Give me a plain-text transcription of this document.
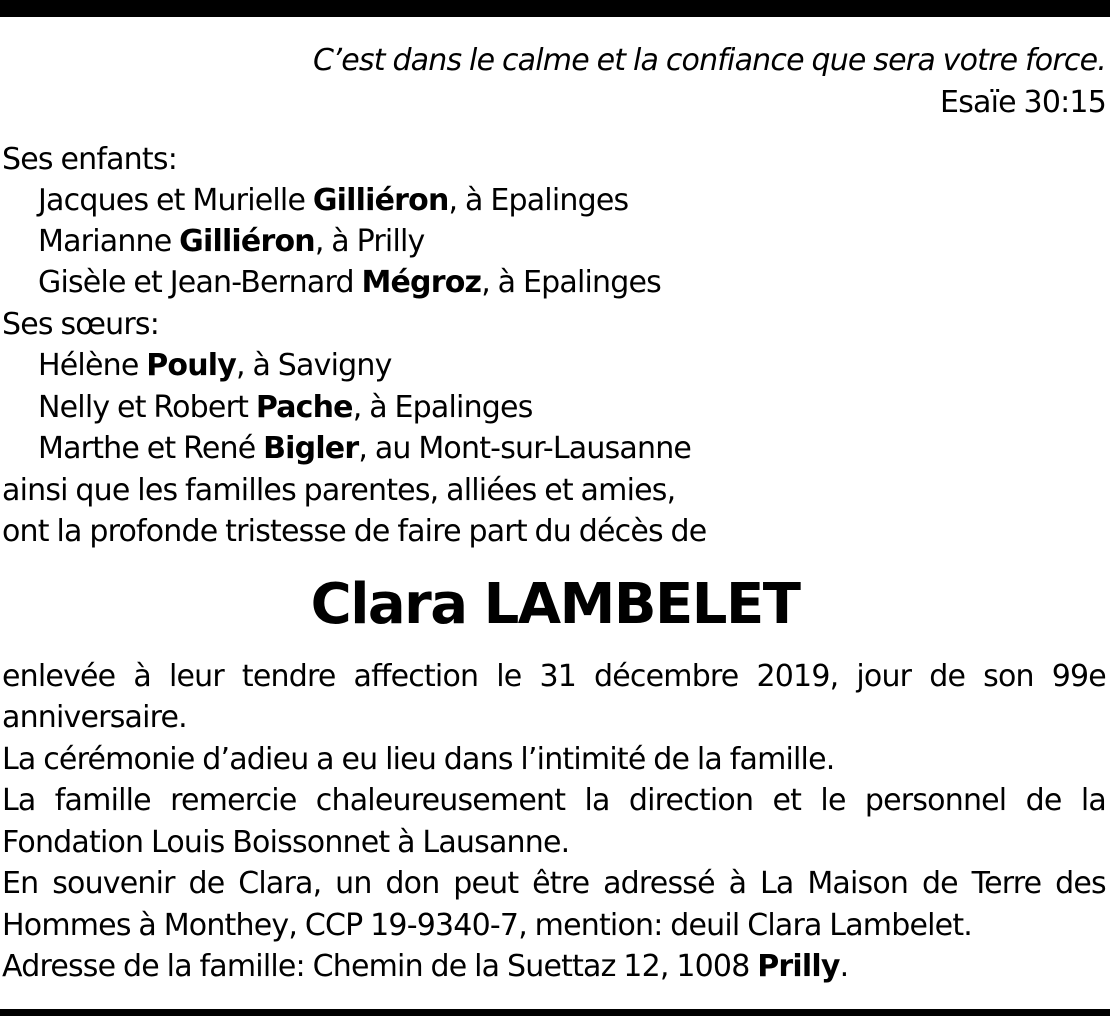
C’est dans le calme et la confiance que sera votre force.
Esaïe 30:15
Ses enfants:
Jacques et Murielle Gilliéron, à Epalinges
Marianne Gilliéron, à Prilly
Gisèle et Jean-Bernard Mégroz, à Epalinges
Ses sœurs:
Hélène Pouly, à Savigny
Nelly et Robert Pache, à Epalinges
Marthe et René Bigler, au Mont-sur-Lausanne
ainsi que les familles parentes, alliées et amies,
ont la profonde tristesse de faire part du décès de
Clara LAMBELET
enlevée à leur tendre affection le 31 décembre 2019, jour de son 99e
anniversaire.
La cérémonie d’adieu a eu lieu dans l’intimité de la famille.
La famille remercie chaleureusement la direction et le personnel de la
Fondation Louis Boissonnet à Lausanne.
En souvenir de Clara, un don peut être adressé à La Maison de Terre des
Hommes à Monthey, CCP 19-9340-7, mention: deuil Clara Lambelet.
Adresse de la famille: Chemin de la Suettaz 12, 1008 Prilly.
